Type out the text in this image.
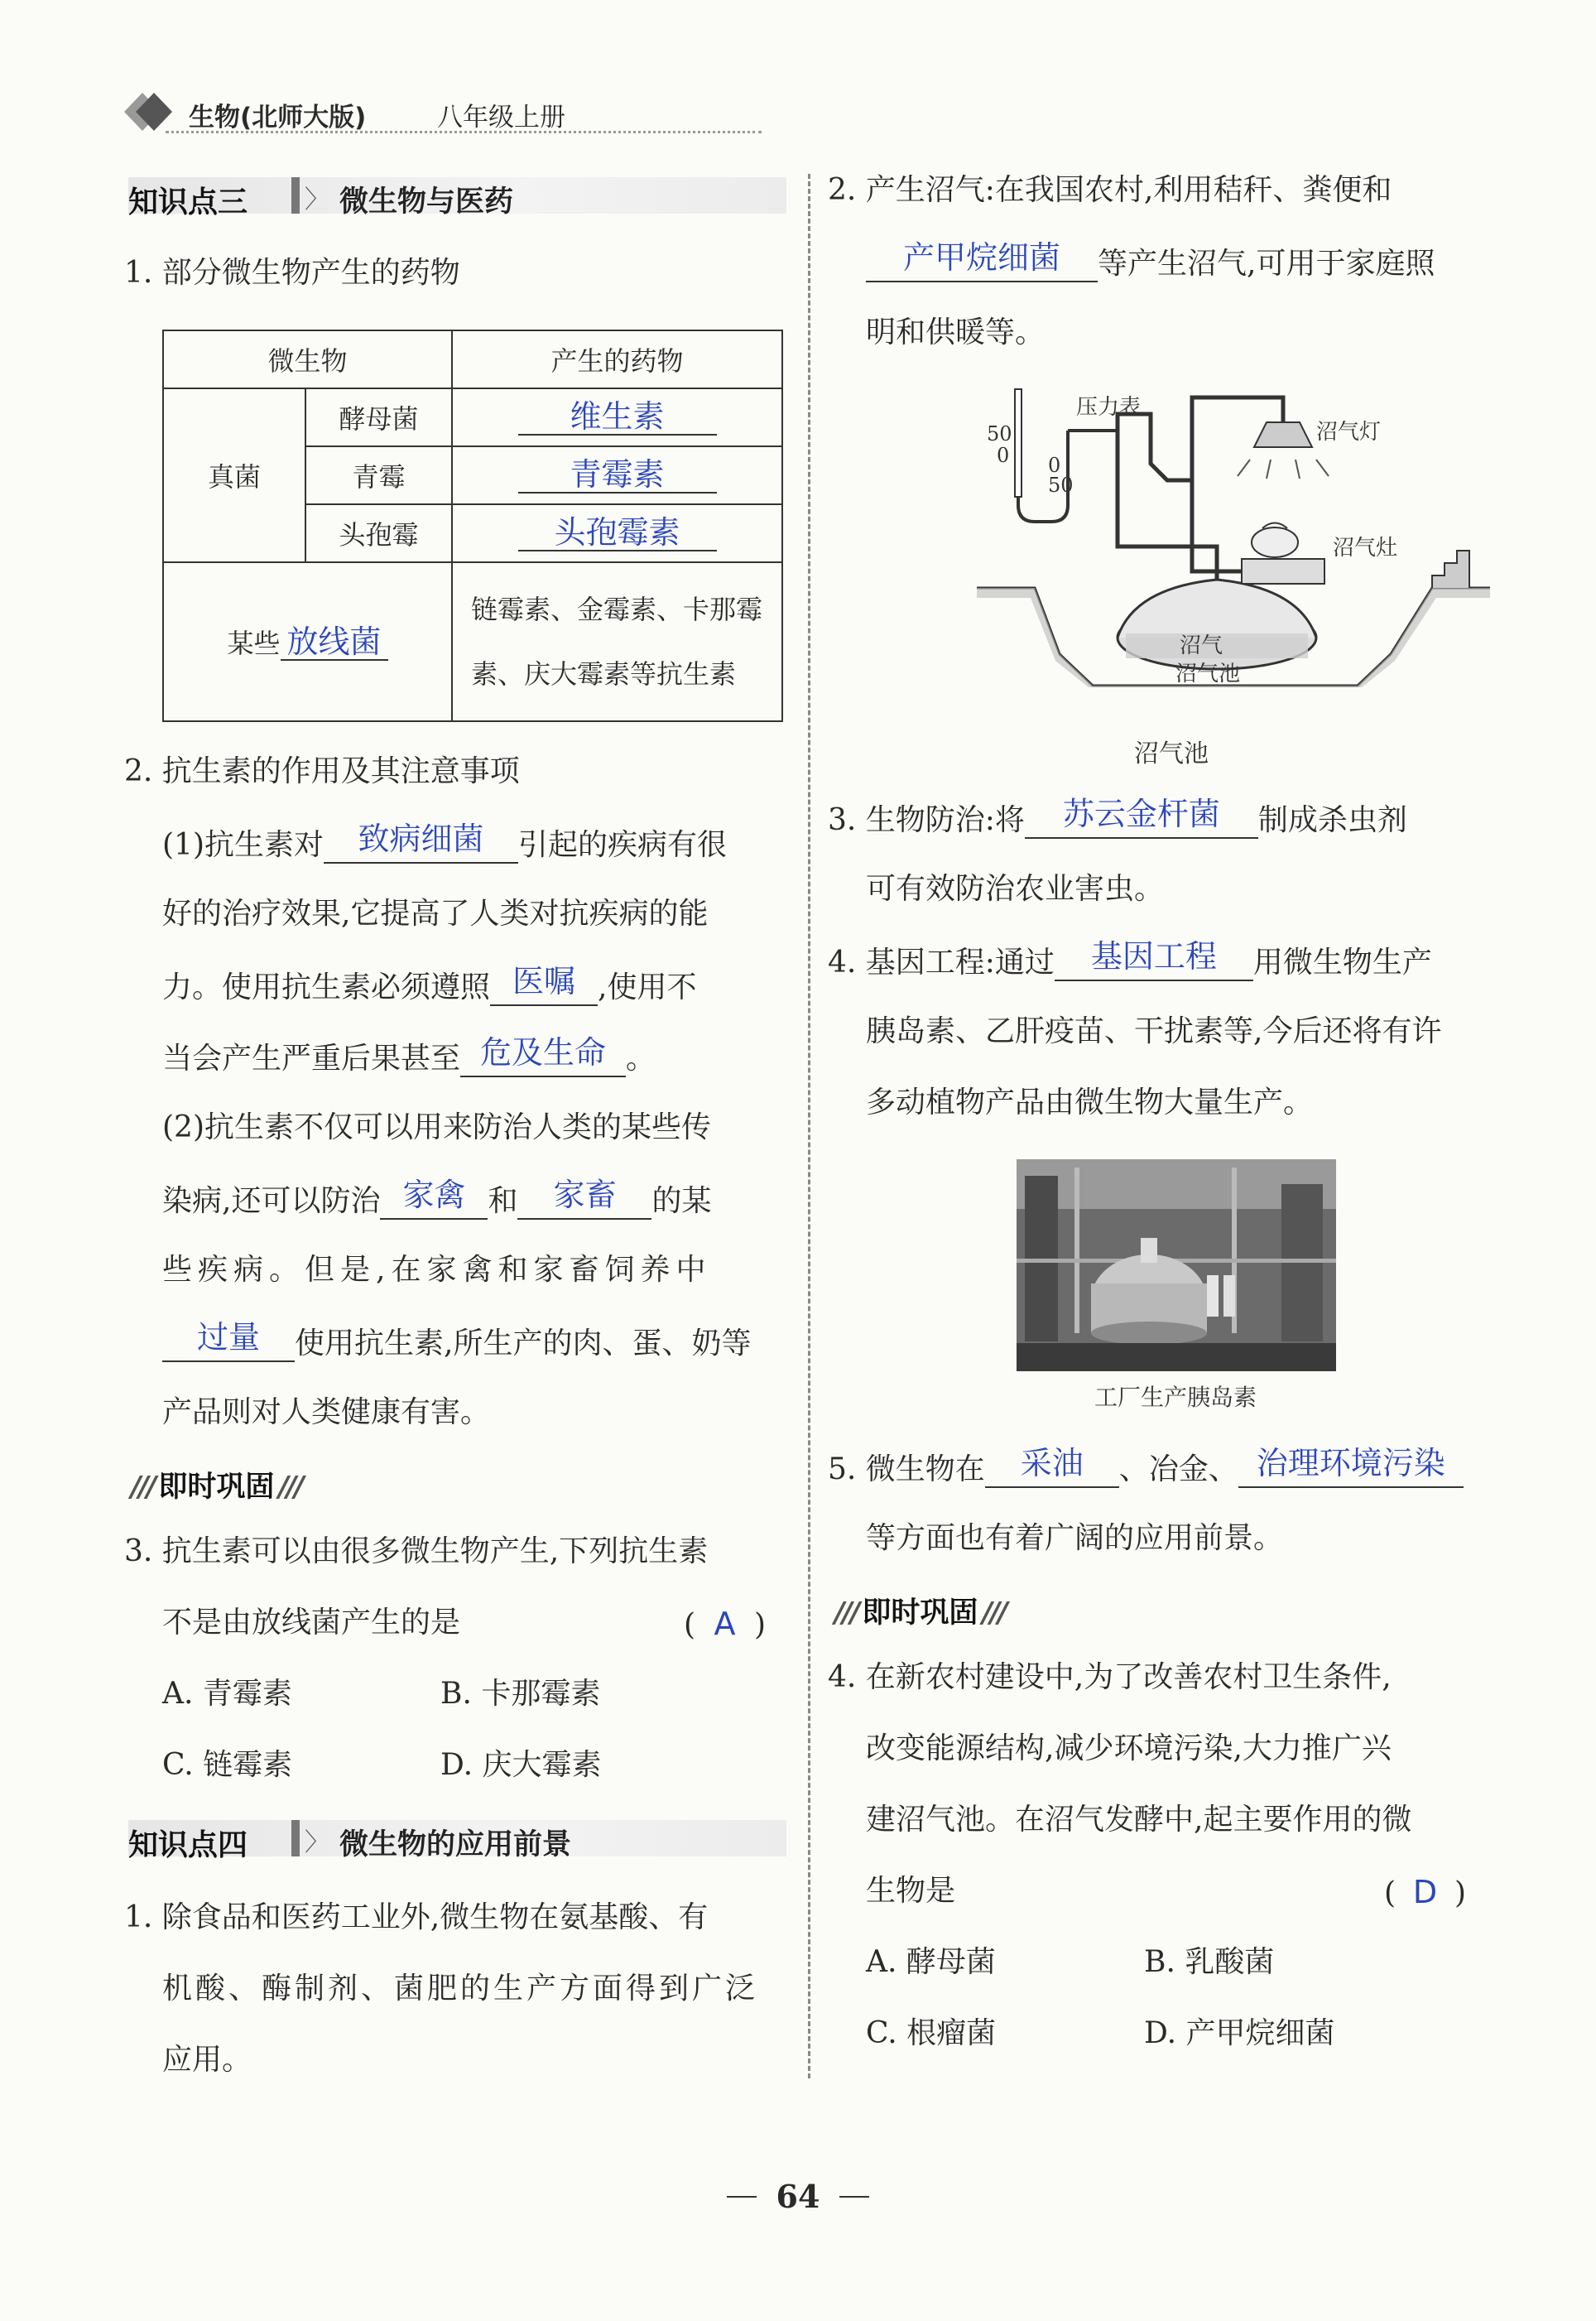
生物(北师大版)	八年级上册
知识点三 〉 微生物与医药
1. 部分微生物产生的药物
微生物		产生的药物
真菌	酵母菌	维生素
	青霉	青霉素
	头孢霉	头孢霉素
某些 放线菌		链霉素、金霉素、卡那霉
素、庆大霉素等抗生素
2. 抗生素的作用及其注意事项
(1)抗生素对 致病细菌 引起的疾病有很
好的治疗效果,它提高了人类对抗疾病的能
力。使用抗生素必须遵照 医嘱 ,使用不
当会产生严重后果甚至 危及生命 。
(2)抗生素不仅可以用来防治人类的某些传
染病,还可以防治 家禽 和 家畜 的某
些疾病。但是,在家禽和家畜饲养中
过量 使用抗生素,所生产的肉、蛋、奶等
产品则对人类健康有害。
/// 即时巩固 ///
3. 抗生素可以由很多微生物产生,下列抗生素
不是由放线菌产生的是	( A )
A. 青霉素	B. 卡那霉素
C. 链霉素	D. 庆大霉素
知识点四 〉 微生物的应用前景
1. 除食品和医药工业外,微生物在氨基酸、有
机酸、酶制剂、菌肥的生产方面得到广泛
应用。
2. 产生沼气:在我国农村,利用秸秆、粪便和
产甲烷细菌 等产生沼气,可用于家庭照
明和供暖等。
沼气
沼气池
压力表
沼气灯
沼气灶
50
0 0
50
沼气池
3. 生物防治:将 苏云金杆菌 制成杀虫剂
可有效防治农业害虫。
4. 基因工程:通过 基因工程 用微生物生产
胰岛素、乙肝疫苗、干扰素等,今后还将有许
多动植物产品由微生物大量生产。
工厂生产胰岛素
5. 微生物在 采油 、冶金、 治理环境污染
等方面也有着广阔的应用前景。
/// 即时巩固 ///
4. 在新农村建设中,为了改善农村卫生条件,
改变能源结构,减少环境污染,大力推广兴
建沼气池。在沼气发酵中,起主要作用的微
生物是	( D )
A. 酵母菌	B. 乳酸菌
C. 根瘤菌	D. 产甲烷细菌
64
